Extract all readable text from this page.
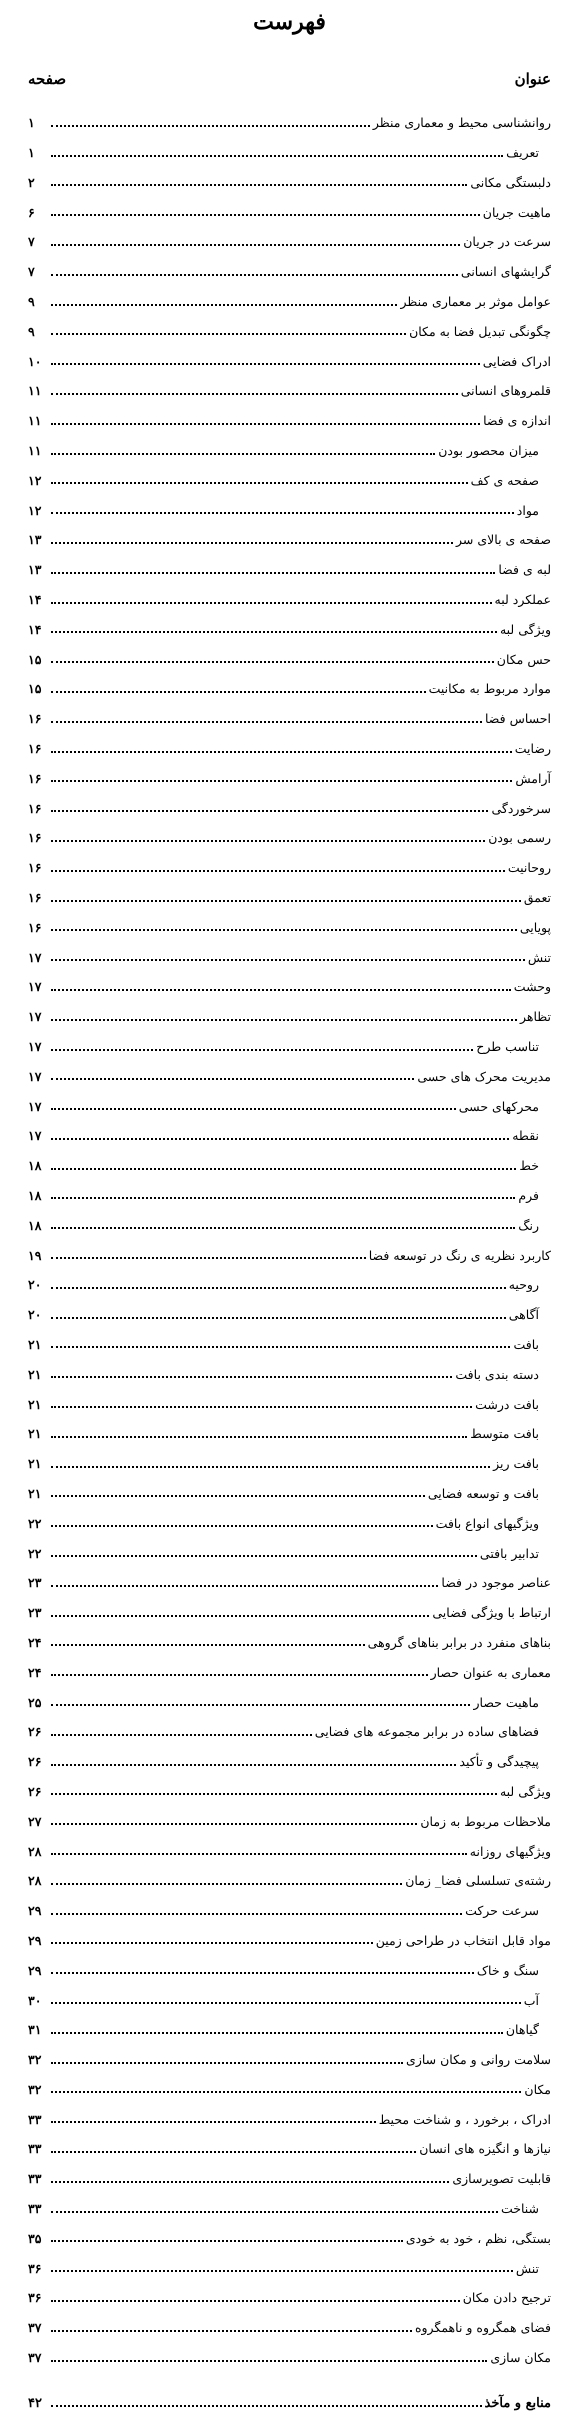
فهرست
عنوان
صفحه
روانشناسی محیط و معماری منظر
۱
تعریف
۱
دلبستگی مکانی
۲
ماهیت جریان
۶
سرعت در جریان
۷
گرایشهای انسانی
۷
عوامل موثر بر معماری منظر
۹
چگونگی تبدیل فضا به مکان
۹
ادراک فضایی
۱۰
قلمروهای انسانی
۱۱
اندازه ی فضا
۱۱
میزان محصور بودن
۱۱
صفحه ی کف
۱۲
مواد
۱۲
صفحه ی بالای سر
۱۳
لبه ی فضا
۱۳
عملکرد لبه
۱۴
ویژگی لبه
۱۴
حس مکان
۱۵
موارد مربوط به مکانیت
۱۵
احساس فضا
۱۶
رضایت
۱۶
آرامش
۱۶
سرخوردگی
۱۶
رسمی بودن
۱۶
روحانیت
۱۶
تعمق
۱۶
پویایی
۱۶
تنش
۱۷
وحشت
۱۷
تظاهر
۱۷
تناسب طرح
۱۷
مدیریت محرک های حسی
۱۷
محرکهای حسی
۱۷
نقطه
۱۷
خط
۱۸
فرم
۱۸
رنگ
۱۸
کاربرد نظریه ی رنگ در توسعه فضا
۱۹
روحیه
۲۰
آگاهی
۲۰
بافت
۲۱
دسته بندی بافت
۲۱
بافت درشت
۲۱
بافت متوسط
۲۱
بافت ریز
۲۱
بافت و توسعه فضایی
۲۱
ویژگیهای انواع بافت
۲۲
تدابیر بافتی
۲۲
عناصر موجود در فضا
۲۳
ارتباط با ویژگی فضایی
۲۳
بناهای منفرد در برابر بناهای گروهی
۲۴
معماری به عنوان حصار
۲۴
ماهیت حصار
۲۵
فضاهای ساده در برابر مجموعه های فضایی
۲۶
پیچیدگی و تأکید
۲۶
ویژگی لبه
۲۶
ملاحظات مربوط به زمان
۲۷
ویژگیهای روزانه
۲۸
رشته‌ی تسلسلی فضا_ زمان
۲۸
سرعت حرکت
۲۹
مواد قابل انتخاب در طراحی زمین
۲۹
سنگ و خاک
۲۹
آب
۳۰
گیاهان
۳۱
سلامت روانی و مکان سازی
۳۲
مکان
۳۲
ادراک ، برخورد ، و شناخت محیط
۳۳
نیازها و انگیزه های انسان
۳۳
قابلیت تصویرسازی
۳۳
شناخت
۳۳
بستگی، نظم ، خود به خودی
۳۵
تنش
۳۶
ترجیح دادن مکان
۳۶
فضای همگروه و ناهمگروه
۳۷
مکان سازی
۳۷
منابع و مآخذ
۴۲
